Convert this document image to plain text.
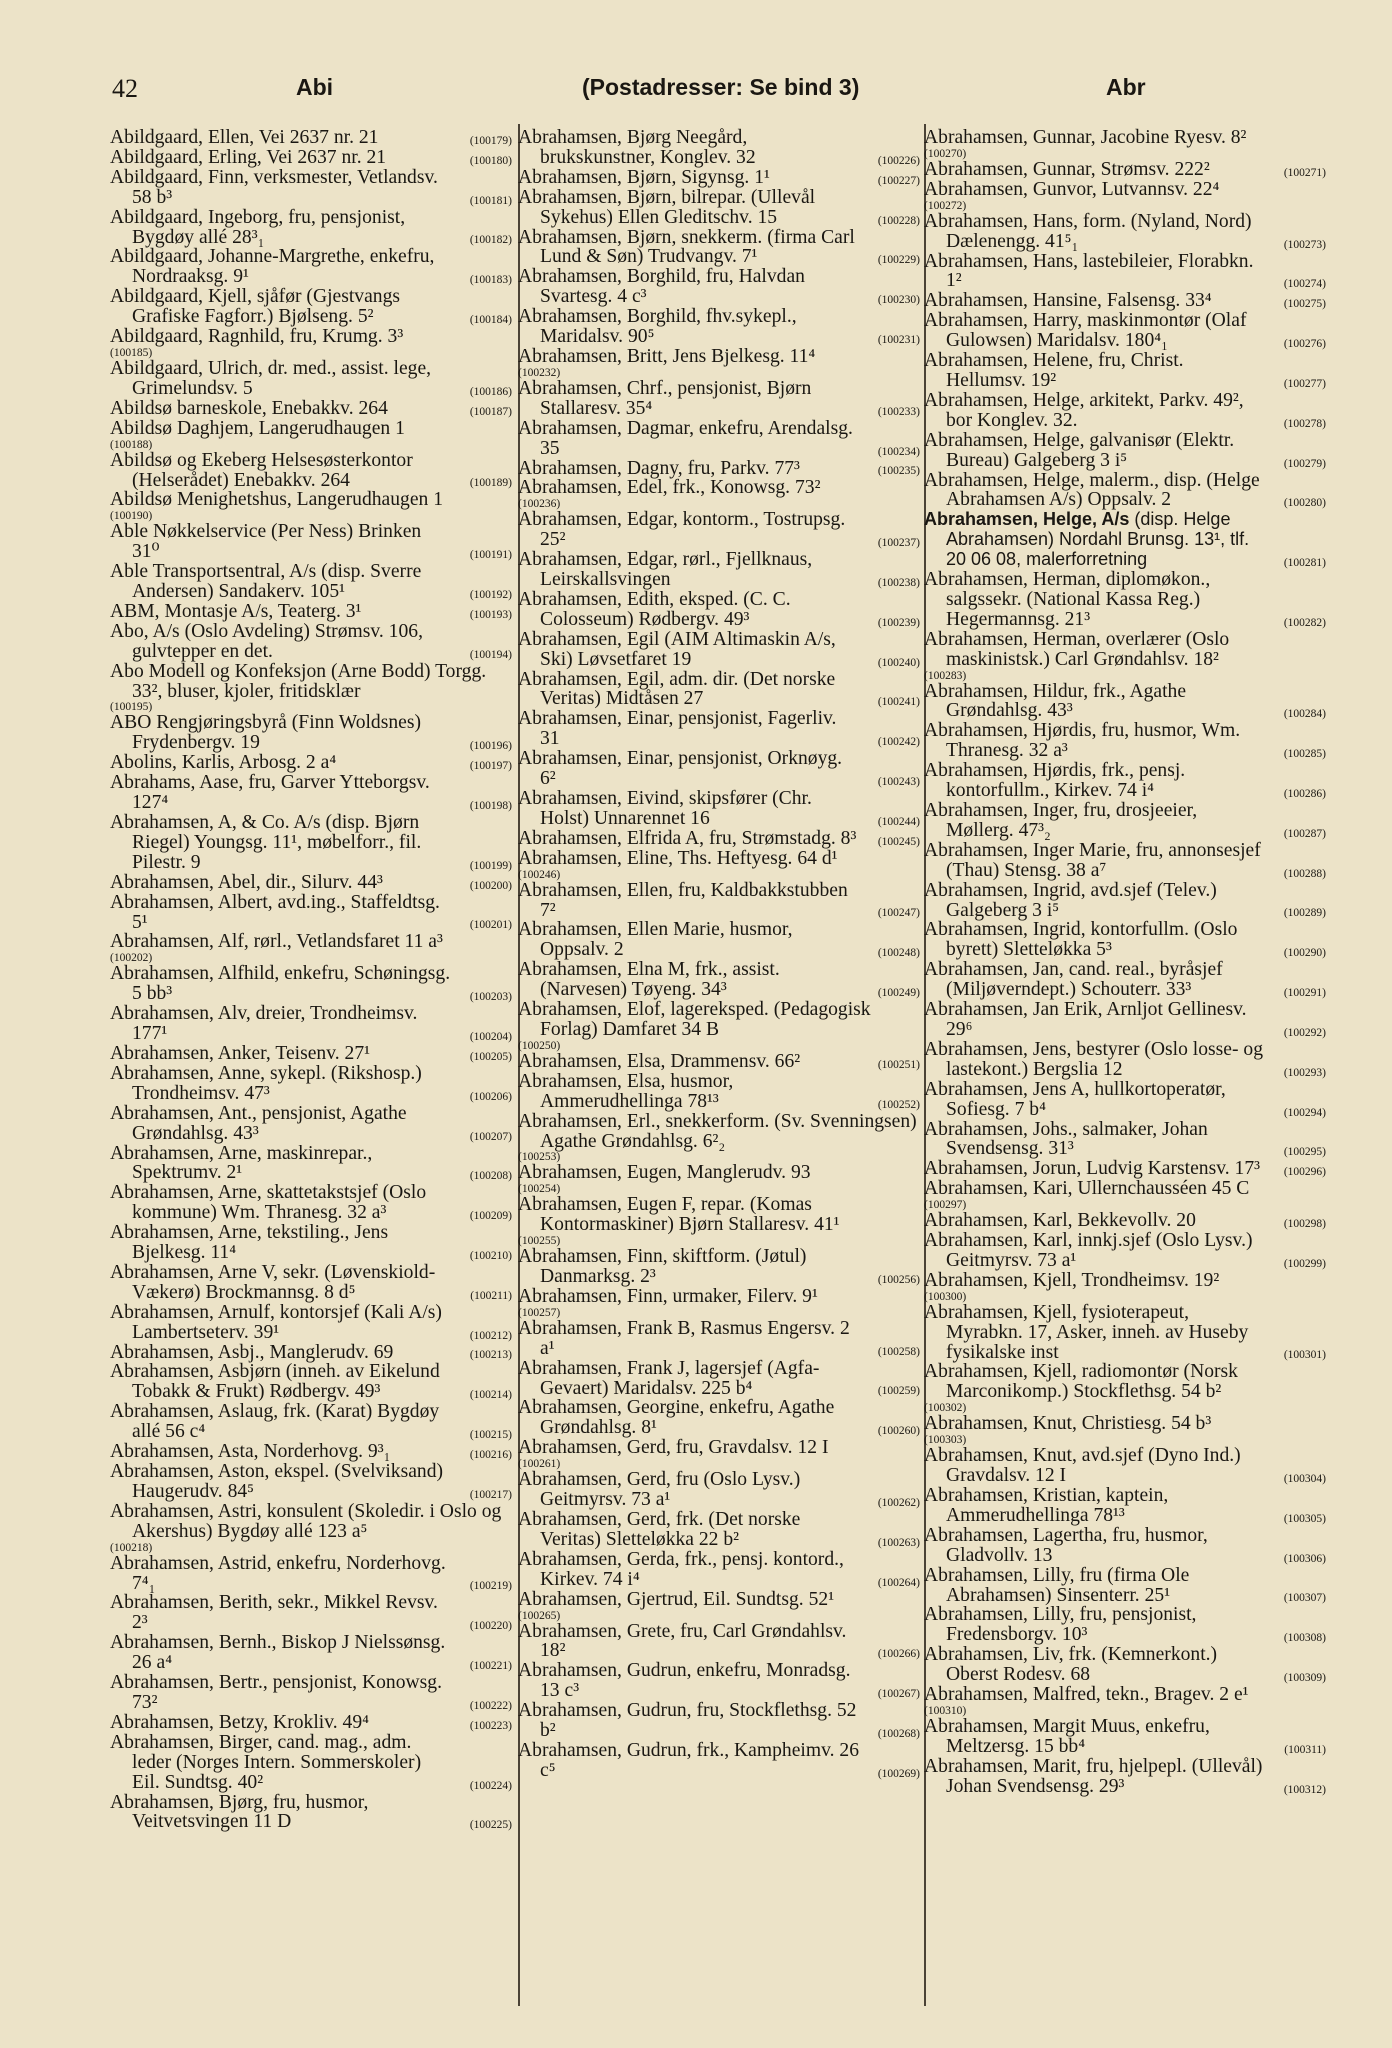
42	Abi	(Postadresser: Se bind 3)	Abr
Abildgaard, Ellen, Vei 2637 nr. 21	(100179)
Abildgaard, Erling, Vei 2637 nr. 21	(100180)
Abildgaard, Finn, verksmester, Vetlandsv. 58 b³	(100181)
Abildgaard, Ingeborg, fru, pensjonist, Bygdøy allé 28³₁	(100182)
Abildgaard, Johanne-Margrethe, enkefru, Nordraaksg. 9¹	(100183)
Abildgaard, Kjell, sjåfør (Gjestvangs Grafiske Fagforr.) Bjølseng. 5²	(100184)
Abildgaard, Ragnhild, fru, Krumg. 3³
(100185)
Abildgaard, Ulrich, dr. med., assist. lege, Grimelundsv. 5	(100186)
Abildsø barneskole, Enebakkv. 264	(100187)
Abildsø Daghjem, Langerudhaugen 1
(100188)
Abildsø og Ekeberg Helsesøsterkontor (Helserådet) Enebakkv. 264	(100189)
Abildsø Menighetshus, Langerudhaugen 1
(100190)
Able Nøkkelservice (Per Ness) Brinken 31⁰	(100191)
Able Transportsentral, A/s (disp. Sverre Andersen) Sandakerv. 105¹	(100192)
ABM, Montasje A/s, Teaterg. 3¹	(100193)
Abo, A/s (Oslo Avdeling) Strømsv. 106, gulvtepper en det.	(100194)
Abo Modell og Konfeksjon (Arne Bodd) Torgg. 33², bluser, kjoler, fritidsklær
(100195)
ABO Rengjøringsbyrå (Finn Woldsnes) Frydenbergv. 19	(100196)
Abolins, Karlis, Arbosg. 2 a⁴	(100197)
Abrahams, Aase, fru, Garver Ytteborgsv. 127⁴	(100198)
Abrahamsen, A, & Co. A/s (disp. Bjørn Riegel) Youngsg. 11¹, møbelforr., fil. Pilestr. 9	(100199)
Abrahamsen, Abel, dir., Silurv. 44³	(100200)
Abrahamsen, Albert, avd.ing., Staffeldtsg. 5¹	(100201)
Abrahamsen, Alf, rørl., Vetlandsfaret 11 a³
(100202)
Abrahamsen, Alfhild, enkefru, Schøningsg. 5 bb³	(100203)
Abrahamsen, Alv, dreier, Trondheimsv. 177¹	(100204)
Abrahamsen, Anker, Teisenv. 27¹	(100205)
Abrahamsen, Anne, sykepl. (Rikshosp.) Trondheimsv. 47³	(100206)
Abrahamsen, Ant., pensjonist, Agathe Grøndahlsg. 43³	(100207)
Abrahamsen, Arne, maskinrepar., Spektrumv. 2¹	(100208)
Abrahamsen, Arne, skattetakstsjef (Oslo kommune) Wm. Thranesg. 32 a³	(100209)
Abrahamsen, Arne, tekstiling., Jens Bjelkesg. 11⁴	(100210)
Abrahamsen, Arne V, sekr. (Løvenskiold-Vækerø) Brockmannsg. 8 d⁵	(100211)
Abrahamsen, Arnulf, kontorsjef (Kali A/s) Lambertseterv. 39¹	(100212)
Abrahamsen, Asbj., Manglerudv. 69	(100213)
Abrahamsen, Asbjørn (inneh. av Eikelund Tobakk & Frukt) Rødbergv. 49³	(100214)
Abrahamsen, Aslaug, frk. (Karat) Bygdøy allé 56 c⁴	(100215)
Abrahamsen, Asta, Norderhovg. 9³₁	(100216)
Abrahamsen, Aston, ekspel. (Svelviksand) Haugerudv. 84⁵	(100217)
Abrahamsen, Astri, konsulent (Skoledir. i Oslo og Akershus) Bygdøy allé 123 a⁵
(100218)
Abrahamsen, Astrid, enkefru, Norderhovg. 7⁴₁	(100219)
Abrahamsen, Berith, sekr., Mikkel Revsv. 2³	(100220)
Abrahamsen, Bernh., Biskop J Nielssønsg. 26 a⁴	(100221)
Abrahamsen, Bertr., pensjonist, Konowsg. 73²	(100222)
Abrahamsen, Betzy, Krokliv. 49⁴	(100223)
Abrahamsen, Birger, cand. mag., adm. leder (Norges Intern. Sommerskoler) Eil. Sundtsg. 40²	(100224)
Abrahamsen, Bjørg, fru, husmor, Veitvetsvingen 11 D	(100225)
Abrahamsen, Bjørg Neegård, brukskunstner, Konglev. 32	(100226)
Abrahamsen, Bjørn, Sigynsg. 1¹	(100227)
Abrahamsen, Bjørn, bilrepar. (Ullevål Sykehus) Ellen Gleditschv. 15	(100228)
Abrahamsen, Bjørn, snekkerm. (firma Carl Lund & Søn) Trudvangv. 7¹	(100229)
Abrahamsen, Borghild, fru, Halvdan Svartesg. 4 c³	(100230)
Abrahamsen, Borghild, fhv.sykepl., Maridalsv. 90⁵	(100231)
Abrahamsen, Britt, Jens Bjelkesg. 11⁴
(100232)
Abrahamsen, Chrf., pensjonist, Bjørn Stallaresv. 35⁴	(100233)
Abrahamsen, Dagmar, enkefru, Arendalsg. 35	(100234)
Abrahamsen, Dagny, fru, Parkv. 77³	(100235)
Abrahamsen, Edel, frk., Konowsg. 73²
(100236)
Abrahamsen, Edgar, kontorm., Tostrupsg. 25²	(100237)
Abrahamsen, Edgar, rørl., Fjellknaus, Leirskallsvingen	(100238)
Abrahamsen, Edith, eksped. (C. C. Colosseum) Rødbergv. 49³	(100239)
Abrahamsen, Egil (AIM Altimaskin A/s, Ski) Løvsetfaret 19	(100240)
Abrahamsen, Egil, adm. dir. (Det norske Veritas) Midtåsen 27	(100241)
Abrahamsen, Einar, pensjonist, Fagerliv. 31	(100242)
Abrahamsen, Einar, pensjonist, Orknøyg. 6²	(100243)
Abrahamsen, Eivind, skipsfører (Chr. Holst) Unnarennet 16	(100244)
Abrahamsen, Elfrida A, fru, Strømstadg. 8³	(100245)
Abrahamsen, Eline, Ths. Heftyesg. 64 d¹
(100246)
Abrahamsen, Ellen, fru, Kaldbakkstubben 7²	(100247)
Abrahamsen, Ellen Marie, husmor, Oppsalv. 2	(100248)
Abrahamsen, Elna M, frk., assist. (Narvesen) Tøyeng. 34³	(100249)
Abrahamsen, Elof, lagereksped. (Pedagogisk Forlag) Damfaret 34 B
(100250)
Abrahamsen, Elsa, Drammensv. 66²	(100251)
Abrahamsen, Elsa, husmor, Ammerudhellinga 78¹³	(100252)
Abrahamsen, Erl., snekkerform. (Sv. Svenningsen) Agathe Grøndahlsg. 6²₂
(100253)
Abrahamsen, Eugen, Manglerudv. 93
(100254)
Abrahamsen, Eugen F, repar. (Komas Kontormaskiner) Bjørn Stallaresv. 41¹
(100255)
Abrahamsen, Finn, skiftform. (Jøtul) Danmarksg. 2³	(100256)
Abrahamsen, Finn, urmaker, Filerv. 9¹
(100257)
Abrahamsen, Frank B, Rasmus Engersv. 2 a¹	(100258)
Abrahamsen, Frank J, lagersjef (Agfa-Gevaert) Maridalsv. 225 b⁴	(100259)
Abrahamsen, Georgine, enkefru, Agathe Grøndahlsg. 8¹	(100260)
Abrahamsen, Gerd, fru, Gravdalsv. 12 I
(100261)
Abrahamsen, Gerd, fru (Oslo Lysv.) Geitmyrsv. 73 a¹	(100262)
Abrahamsen, Gerd, frk. (Det norske Veritas) Sletteløkka 22 b²	(100263)
Abrahamsen, Gerda, frk., pensj. kontord., Kirkev. 74 i⁴	(100264)
Abrahamsen, Gjertrud, Eil. Sundtsg. 52¹
(100265)
Abrahamsen, Grete, fru, Carl Grøndahlsv. 18²	(100266)
Abrahamsen, Gudrun, enkefru, Monradsg. 13 c³	(100267)
Abrahamsen, Gudrun, fru, Stockflethsg. 52 b²	(100268)
Abrahamsen, Gudrun, frk., Kampheimv. 26 c⁵	(100269)
Abrahamsen, Gunnar, Jacobine Ryesv. 8²
(100270)
Abrahamsen, Gunnar, Strømsv. 222²	(100271)
Abrahamsen, Gunvor, Lutvannsv. 22⁴
(100272)
Abrahamsen, Hans, form. (Nyland, Nord) Dælenengg. 41⁵₁	(100273)
Abrahamsen, Hans, lastebileier, Florabkn. 1²	(100274)
Abrahamsen, Hansine, Falsensg. 33⁴	(100275)
Abrahamsen, Harry, maskinmontør (Olaf Gulowsen) Maridalsv. 180⁴₁	(100276)
Abrahamsen, Helene, fru, Christ. Hellumsv. 19²	(100277)
Abrahamsen, Helge, arkitekt, Parkv. 49², bor Konglev. 32.	(100278)
Abrahamsen, Helge, galvanisør (Elektr. Bureau) Galgeberg 3 i⁵	(100279)
Abrahamsen, Helge, malerm., disp. (Helge Abrahamsen A/s) Oppsalv. 2	(100280)
Abrahamsen, Helge, A/s (disp. Helge Abrahamsen) Nordahl Brunsg. 13¹, tlf. 20 06 08, malerforretning	(100281)
Abrahamsen, Herman, diplomøkon., salgssekr. (National Kassa Reg.) Hegermannsg. 21³	(100282)
Abrahamsen, Herman, overlærer (Oslo maskinistsk.) Carl Grøndahlsv. 18²
(100283)
Abrahamsen, Hildur, frk., Agathe Grøndahlsg. 43³	(100284)
Abrahamsen, Hjørdis, fru, husmor, Wm. Thranesg. 32 a³	(100285)
Abrahamsen, Hjørdis, frk., pensj. kontorfullm., Kirkev. 74 i⁴	(100286)
Abrahamsen, Inger, fru, drosjeeier, Møllerg. 47³₂	(100287)
Abrahamsen, Inger Marie, fru, annonsesjef (Thau) Stensg. 38 a⁷	(100288)
Abrahamsen, Ingrid, avd.sjef (Telev.) Galgeberg 3 i⁵	(100289)
Abrahamsen, Ingrid, kontorfullm. (Oslo byrett) Sletteløkka 5³	(100290)
Abrahamsen, Jan, cand. real., byråsjef (Miljøverndept.) Schouterr. 33³	(100291)
Abrahamsen, Jan Erik, Arnljot Gellinesv. 29⁶	(100292)
Abrahamsen, Jens, bestyrer (Oslo losse- og lastekont.) Bergslia 12	(100293)
Abrahamsen, Jens A, hullkortoperatør, Sofiesg. 7 b⁴	(100294)
Abrahamsen, Johs., salmaker, Johan Svendsensg. 31³	(100295)
Abrahamsen, Jorun, Ludvig Karstensv. 17³	(100296)
Abrahamsen, Kari, Ullernchausséen 45 C
(100297)
Abrahamsen, Karl, Bekkevollv. 20	(100298)
Abrahamsen, Karl, innkj.sjef (Oslo Lysv.) Geitmyrsv. 73 a¹	(100299)
Abrahamsen, Kjell, Trondheimsv. 19²
(100300)
Abrahamsen, Kjell, fysioterapeut, Myrabkn. 17, Asker, inneh. av Huseby fysikalske inst	(100301)
Abrahamsen, Kjell, radiomontør (Norsk Marconikomp.) Stockflethsg. 54 b²
(100302)
Abrahamsen, Knut, Christiesg. 54 b³
(100303)
Abrahamsen, Knut, avd.sjef (Dyno Ind.) Gravdalsv. 12 I	(100304)
Abrahamsen, Kristian, kaptein, Ammerudhellinga 78¹³	(100305)
Abrahamsen, Lagertha, fru, husmor, Gladvollv. 13	(100306)
Abrahamsen, Lilly, fru (firma Ole Abrahamsen) Sinsenterr. 25¹	(100307)
Abrahamsen, Lilly, fru, pensjonist, Fredensborgv. 10³	(100308)
Abrahamsen, Liv, frk. (Kemnerkont.) Oberst Rodesv. 68	(100309)
Abrahamsen, Malfred, tekn., Bragev. 2 e¹
(100310)
Abrahamsen, Margit Muus, enkefru, Meltzersg. 15 bb⁴	(100311)
Abrahamsen, Marit, fru, hjelpepl. (Ullevål) Johan Svendsensg. 29³	(100312)
